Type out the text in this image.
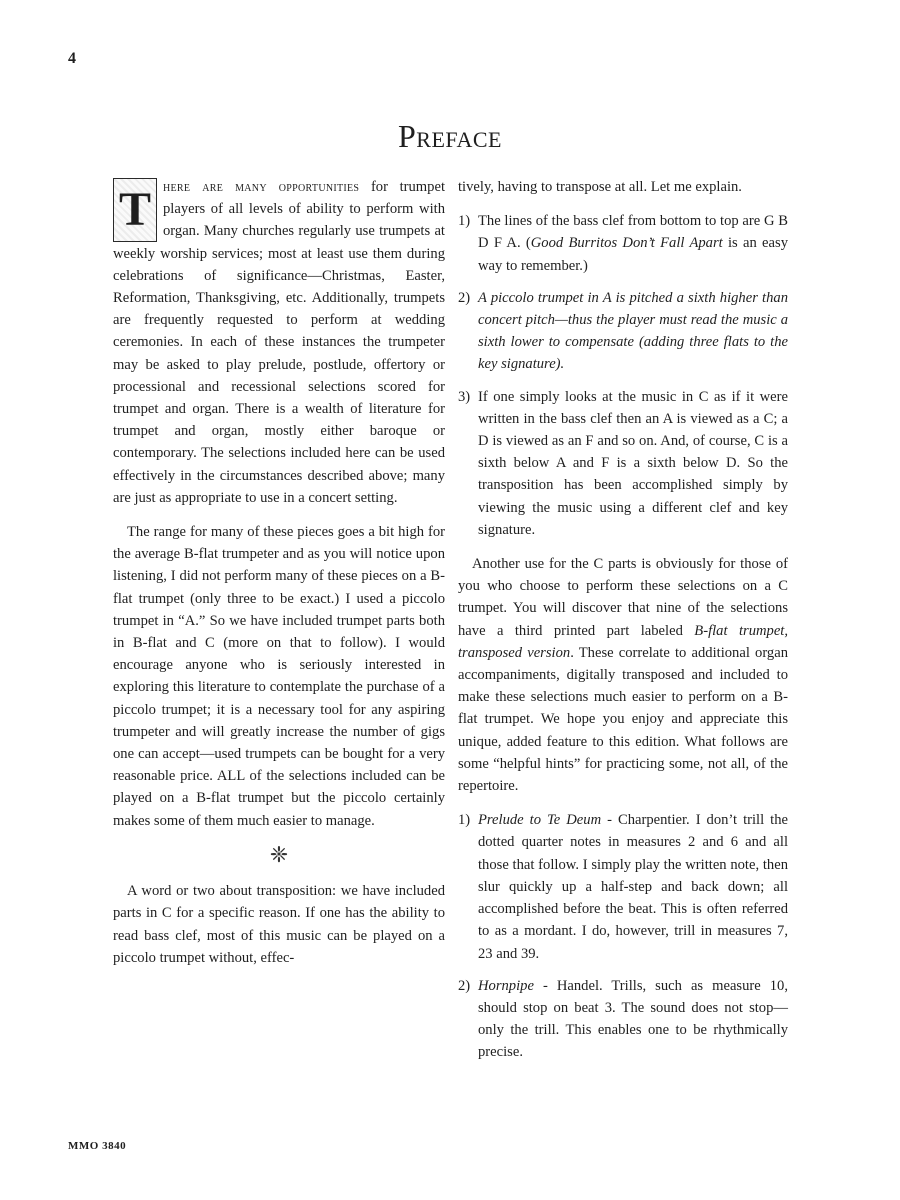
4
Preface

T here are many opportunities for trumpet players of all levels of ability to perform with organ. Many churches regularly use trumpets at weekly worship services; most at least use them during celebrations of significance—Christmas, Easter, Reformation, Thanksgiving, etc. Additionally, trumpets are frequently requested to perform at wedding ceremonies. In each of these instances the trumpeter may be asked to play prelude, postlude, offertory or processional and recessional selections scored for trumpet and organ. There is a wealth of literature for trumpet and organ, mostly either baroque or contemporary. The selections included here can be used effectively in the circumstances described above; many are just as appropriate to use in a concert setting.

The range for many of these pieces goes a bit high for the average B-flat trumpeter and as you will notice upon listening, I did not perform many of these pieces on a B-flat trumpet (only three to be exact.) I used a piccolo trumpet in “A.” So we have included trumpet parts both in B-flat and C (more on that to follow). I would encourage anyone who is seriously interested in exploring this literature to contemplate the purchase of a piccolo trumpet; it is a necessary tool for any aspiring trumpeter and will greatly increase the number of gigs one can accept—used trumpets can be bought for a very reasonable price. ALL of the selections included can be played on a B-flat trumpet but the piccolo certainly makes some of them much easier to manage.

❈

A word or two about transposition: we have included parts in C for a specific reason. If one has the ability to read bass clef, most of this music can be played on a piccolo trumpet without, effec-

tively, having to transpose at all. Let me explain.

1) The lines of the bass clef from bottom to top are G B D F A. (Good Burritos Don’t Fall Apart is an easy way to remember.)
2) A piccolo trumpet in A is pitched a sixth higher than concert pitch—thus the player must read the music a sixth lower to compensate (adding three flats to the key signature).
3) If one simply looks at the music in C as if it were written in the bass clef then an A is viewed as a C; a D is viewed as an F and so on. And, of course, C is a sixth below A and F is a sixth below D. So the transposition has been accomplished simply by viewing the music using a different clef and key signature.

Another use for the C parts is obviously for those of you who choose to perform these selections on a C trumpet. You will discover that nine of the selections have a third printed part labeled B-flat trumpet, transposed version. These correlate to additional organ accompaniments, digitally transposed and included to make these selections much easier to perform on a B-flat trumpet. We hope you enjoy and appreciate this unique, added feature to this edition. What follows are some “helpful hints” for practicing some, not all, of the repertoire.

1) Prelude to Te Deum - Charpentier. I don’t trill the dotted quarter notes in measures 2 and 6 and all those that follow. I simply play the written note, then slur quickly up a half-step and back down; all accomplished before the beat. This is often referred to as a mordant. I do, however, trill in measures 7, 23 and 39.
2) Hornpipe - Handel. Trills, such as measure 10, should stop on beat 3. The sound does not stop—only the trill. This enables one to be rhythmically precise.
MMO 3840
